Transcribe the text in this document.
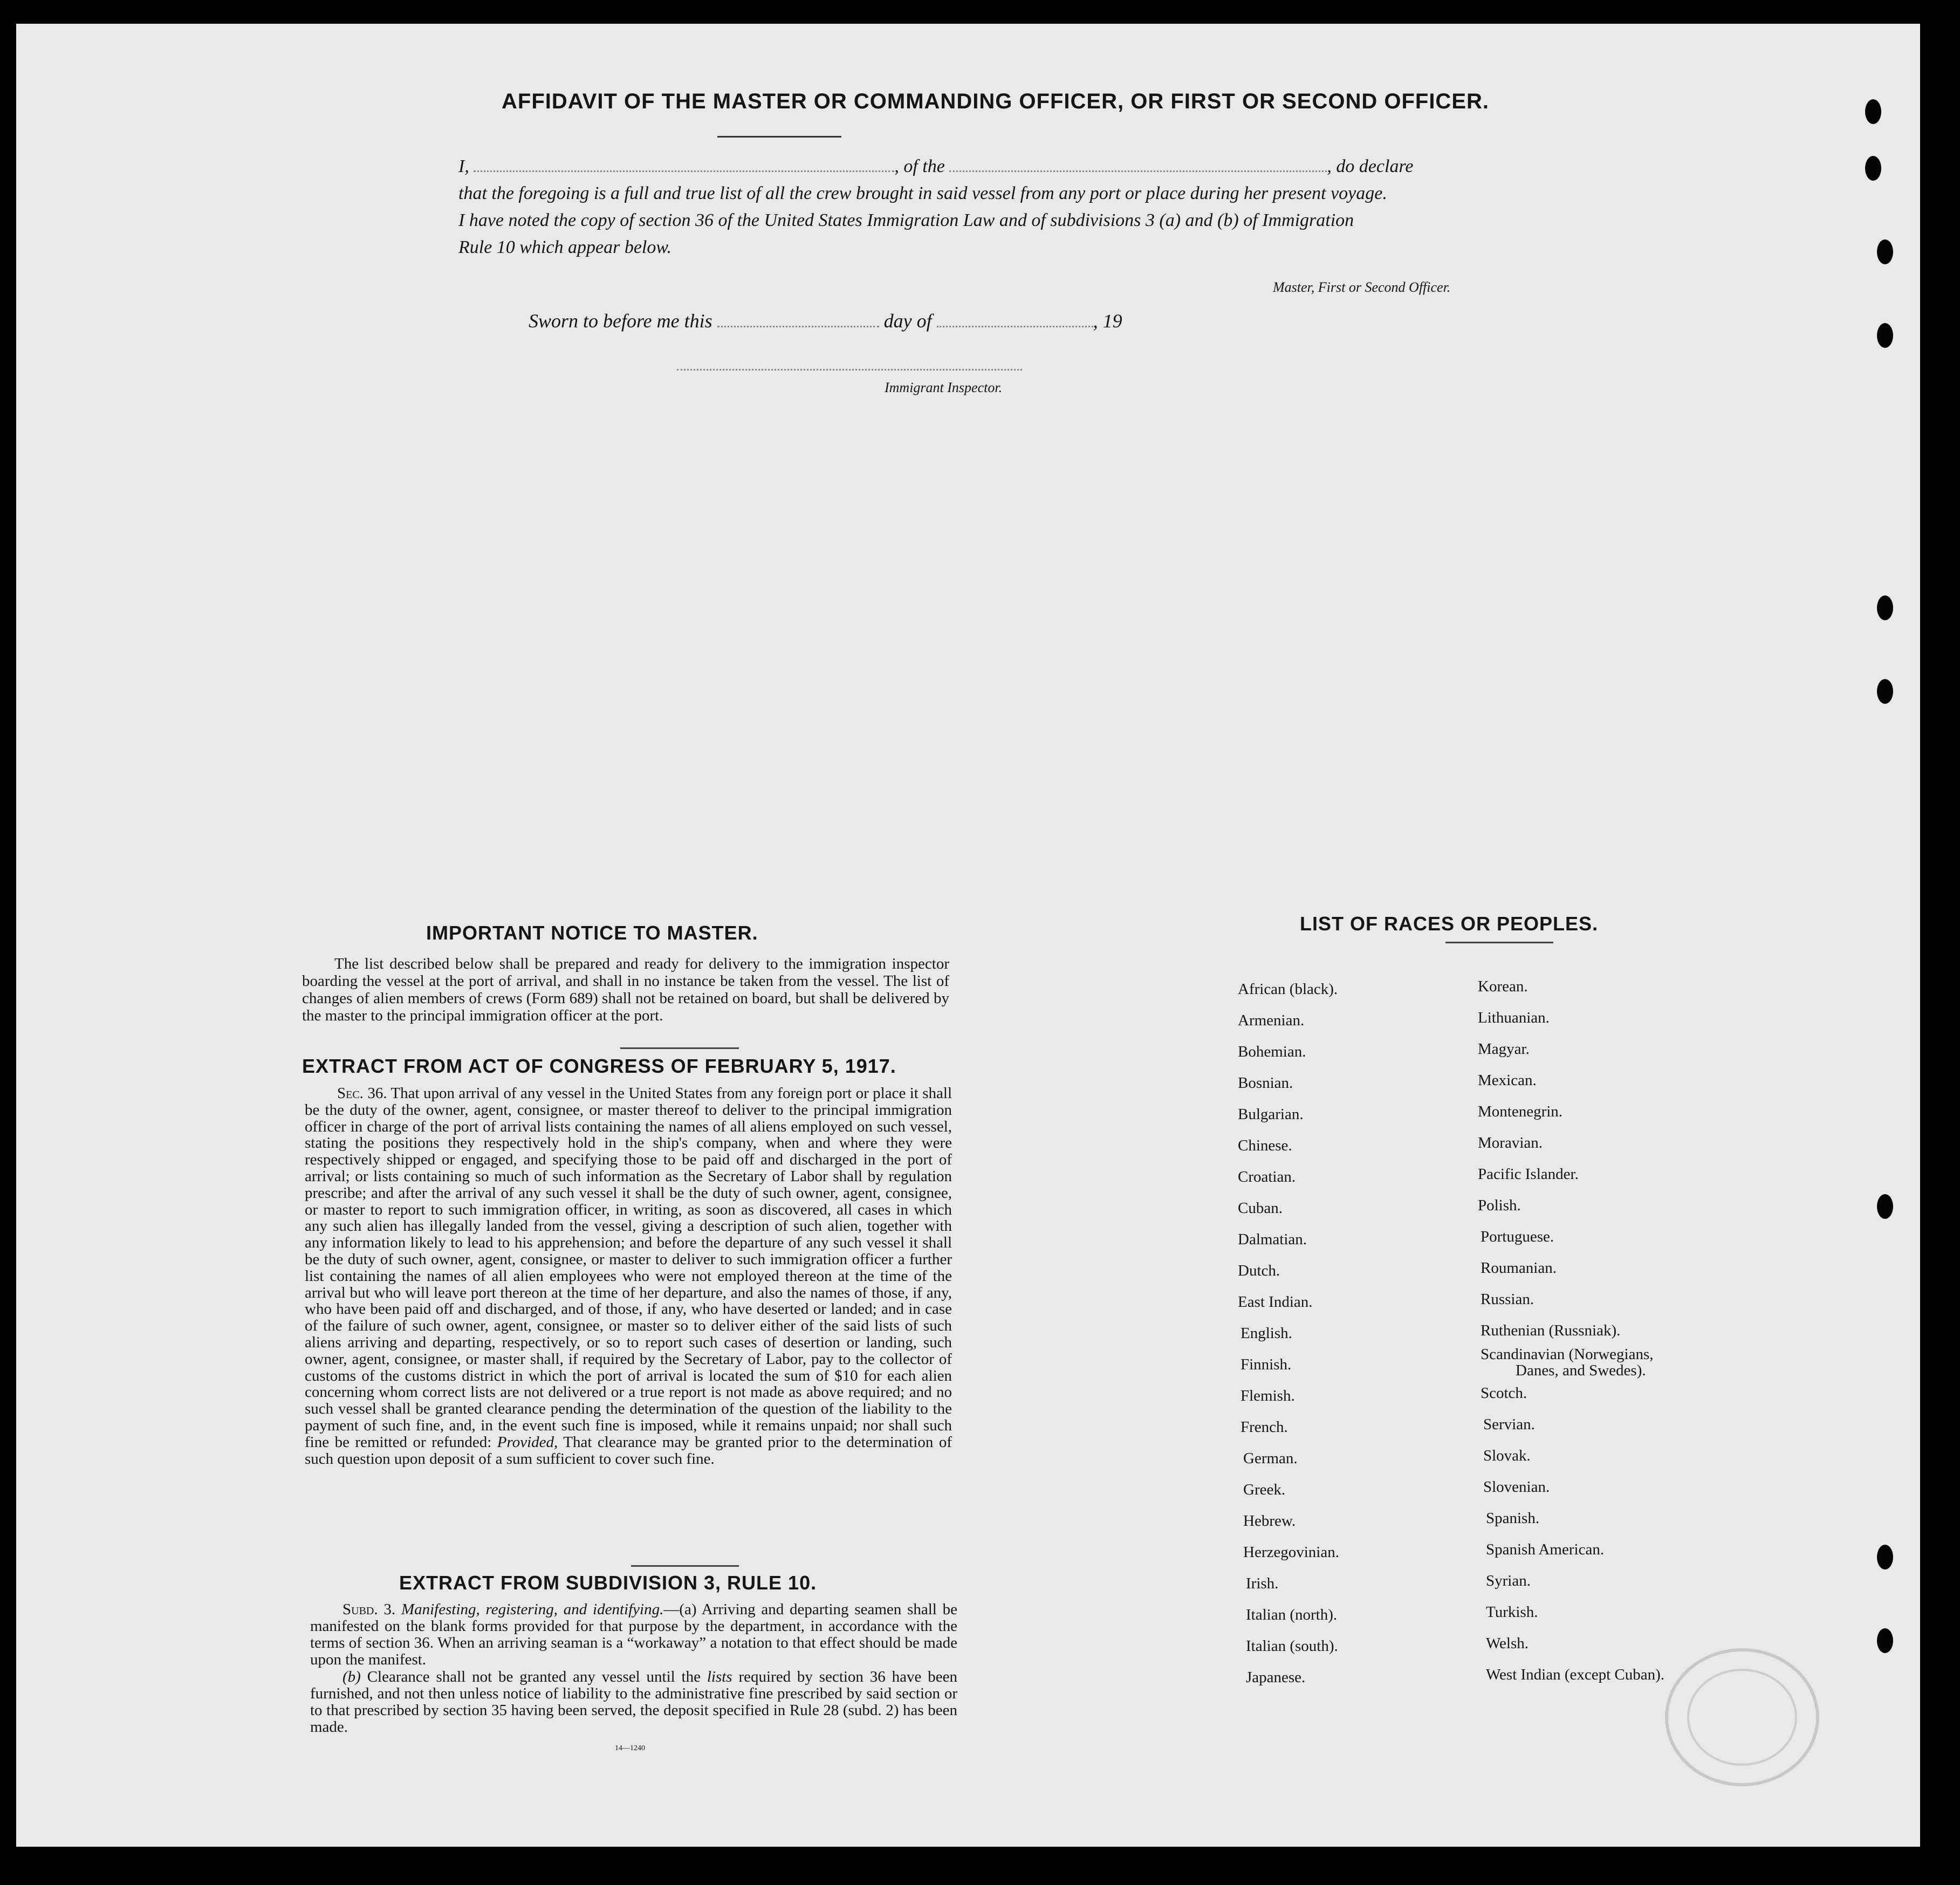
AFFIDAVIT OF THE MASTER OR COMMANDING OFFICER, OR FIRST OR SECOND OFFICER.
I,	, of the	, do declare
that the foregoing is a full and true list of all the crew brought in said vessel from any port or place during her present voyage.
I have noted the copy of section 36 of the United States Immigration Law and of subdivisions 3 (a) and (b) of Immigration
Rule 10 which appear below.
Master, First or Second Officer.
Sworn to before me this	day of	, 19
Immigrant Inspector.
IMPORTANT NOTICE TO MASTER.
The list described below shall be prepared and ready for delivery to the immigration inspector boarding the vessel at the port of arrival, and shall in no instance be taken from the vessel. The list of changes of alien members of crews (Form 689) shall not be retained on board, but shall be delivered by the master to the principal immigration officer at the port.
EXTRACT FROM ACT OF CONGRESS OF FEBRUARY 5, 1917.
Sec. 36. That upon arrival of any vessel in the United States from any foreign port or place it shall be the duty of the owner, agent, consignee, or master thereof to deliver to the principal immigration officer in charge of the port of arrival lists containing the names of all aliens employed on such vessel, stating the positions they respectively hold in the ship's company, when and where they were respectively shipped or engaged, and specifying those to be paid off and discharged in the port of arrival; or lists containing so much of such information as the Secretary of Labor shall by regulation prescribe; and after the arrival of any such vessel it shall be the duty of such owner, agent, consignee, or master to report to such immigration officer, in writing, as soon as discovered, all cases in which any such alien has illegally landed from the vessel, giving a description of such alien, together with any information likely to lead to his apprehension; and before the departure of any such vessel it shall be the duty of such owner, agent, consignee, or master to deliver to such immigration officer a further list containing the names of all alien employees who were not employed thereon at the time of the arrival but who will leave port thereon at the time of her departure, and also the names of those, if any, who have been paid off and discharged, and of those, if any, who have deserted or landed; and in case of the failure of such owner, agent, consignee, or master so to deliver either of the said lists of such aliens arriving and departing, respectively, or so to report such cases of desertion or landing, such owner, agent, consignee, or master shall, if required by the Secretary of Labor, pay to the collector of customs of the customs district in which the port of arrival is located the sum of $10 for each alien concerning whom correct lists are not delivered or a true report is not made as above required; and no such vessel shall be granted clearance pending the determination of the question of the liability to the payment of such fine, and, in the event such fine is imposed, while it remains unpaid; nor shall such fine be remitted or refunded: Provided, That clearance may be granted prior to the determination of such question upon deposit of a sum sufficient to cover such fine.
EXTRACT FROM SUBDIVISION 3, RULE 10.
Subd. 3. Manifesting, registering, and identifying.—(a) Arriving and departing seamen shall be manifested on the blank forms provided for that purpose by the department, in accordance with the terms of section 36. When an arriving seaman is a “workaway” a notation to that effect should be made upon the manifest.
(b) Clearance shall not be granted any vessel until the lists required by section 36 have been furnished, and not then unless notice of liability to the administrative fine prescribed by said section or to that prescribed by section 35 having been served, the deposit specified in Rule 28 (subd. 2) has been made.
14—1240
LIST OF RACES OR PEOPLES.
African (black).
Armenian.
Bohemian.
Bosnian.
Bulgarian.
Chinese.
Croatian.
Cuban.
Dalmatian.
Dutch.
East Indian.
English.
Finnish.
Flemish.
French.
German.
Greek.
Hebrew.
Herzegovinian.
Irish.
Italian (north).
Italian (south).
Japanese.
Korean.
Lithuanian.
Magyar.
Mexican.
Montenegrin.
Moravian.
Pacific Islander.
Polish.
Portuguese.
Roumanian.
Russian.
Ruthenian (Russniak).
Scandinavian (Norwegians,
Danes, and Swedes).
Scotch.
Servian.
Slovak.
Slovenian.
Spanish.
Spanish American.
Syrian.
Turkish.
Welsh.
West Indian (except Cuban).
